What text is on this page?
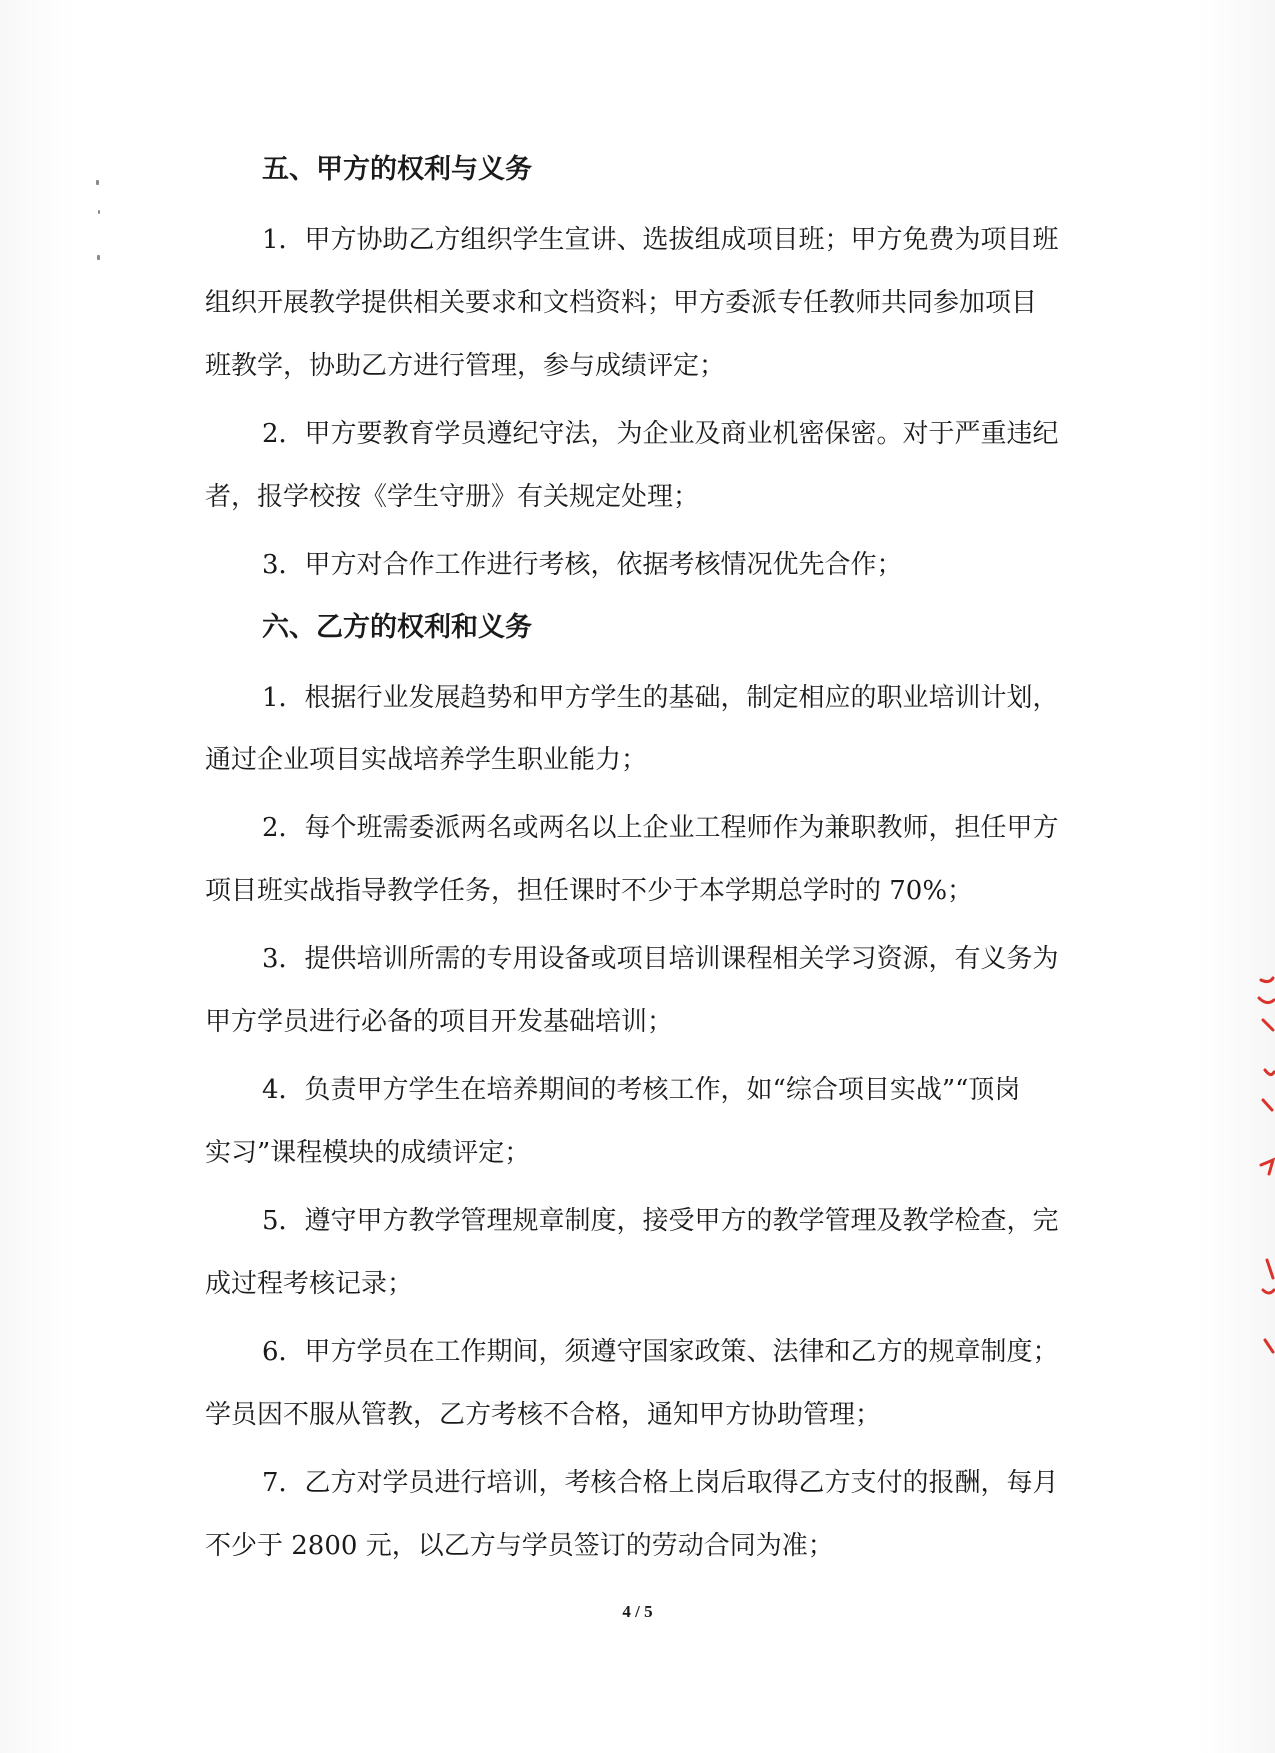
五、甲方的权利与义务

1．甲方协助乙方组织学生宣讲、选拔组成项目班；甲方免费为项目班

组织开展教学提供相关要求和文档资料；甲方委派专任教师共同参加项目

班教学，协助乙方进行管理，参与成绩评定；

2．甲方要教育学员遵纪守法，为企业及商业机密保密。对于严重违纪

者，报学校按《学生守册》有关规定处理；

3．甲方对合作工作进行考核，依据考核情况优先合作；

六、乙方的权利和义务

1．根据行业发展趋势和甲方学生的基础，制定相应的职业培训计划，

通过企业项目实战培养学生职业能力；

2．每个班需委派两名或两名以上企业工程师作为兼职教师，担任甲方

项目班实战指导教学任务，担任课时不少于本学期总学时的 70%；

3．提供培训所需的专用设备或项目培训课程相关学习资源，有义务为

甲方学员进行必备的项目开发基础培训；

4．负责甲方学生在培养期间的考核工作，如“综合项目实战”“顶岗

实习”课程模块的成绩评定；

5．遵守甲方教学管理规章制度，接受甲方的教学管理及教学检查，完

成过程考核记录；

6．甲方学员在工作期间，须遵守国家政策、法律和乙方的规章制度；

学员因不服从管教，乙方考核不合格，通知甲方协助管理；

7．乙方对学员进行培训，考核合格上岗后取得乙方支付的报酬，每月

不少于 2800 元，以乙方与学员签订的劳动合同为准；

4 / 5
